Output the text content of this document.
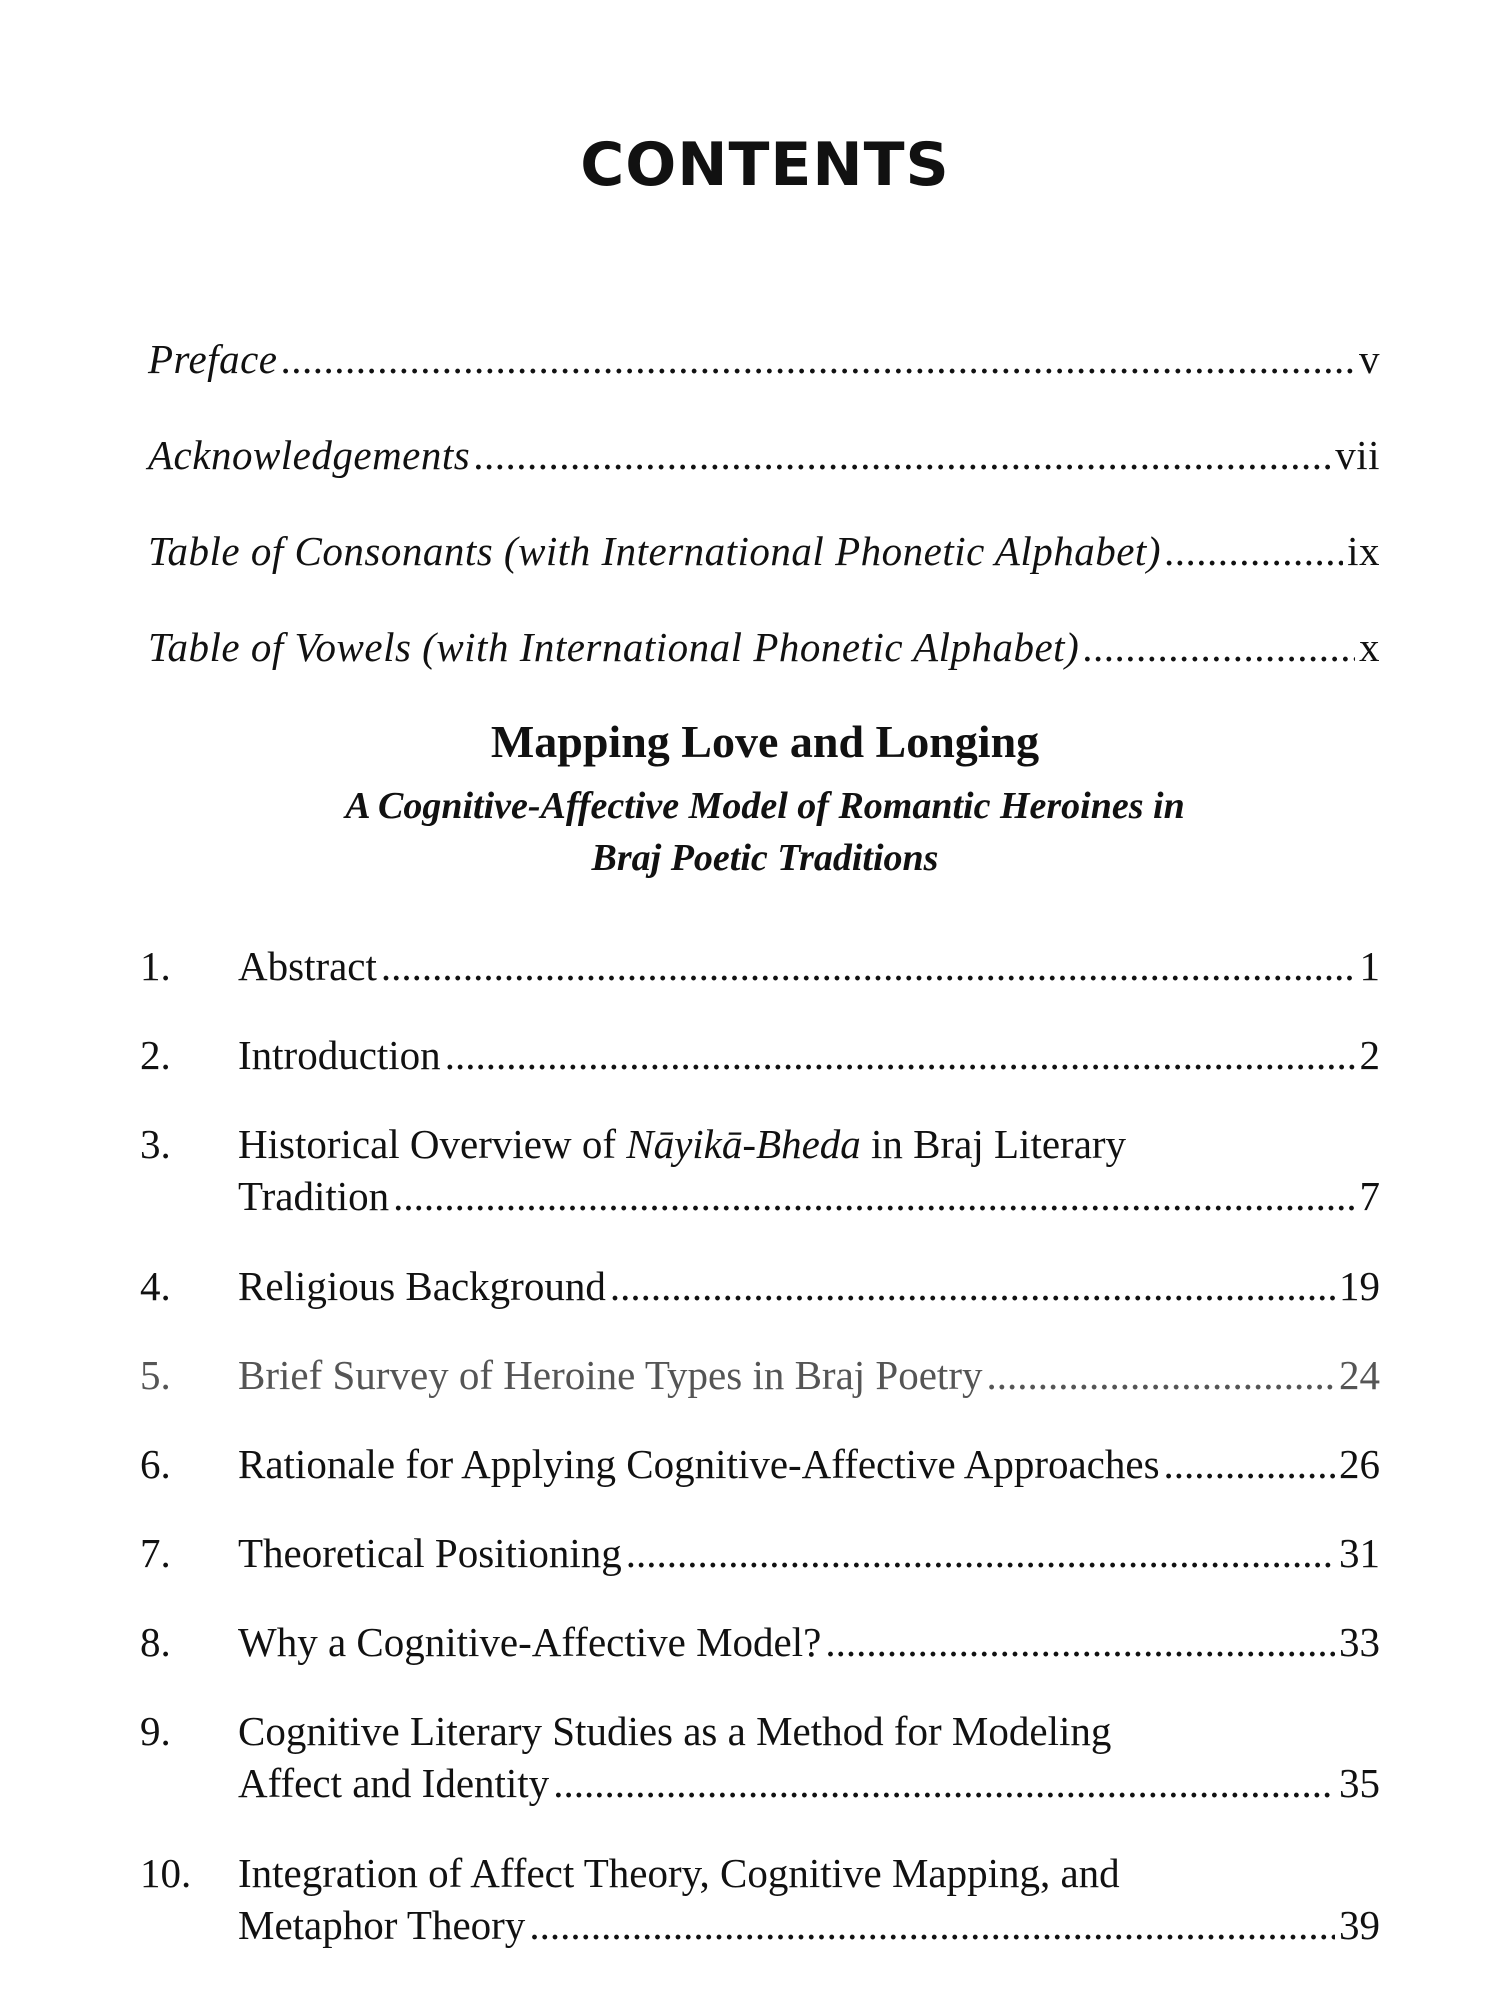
CONTENTS
Preface .....	v
Acknowledgements .....	vii
Table of Consonants (with International Phonetic Alphabet) .....	ix
Table of Vowels (with International Phonetic Alphabet) .....	x
Mapping Love and Longing
A Cognitive-Affective Model of Romantic Heroines in
Braj Poetic Traditions
1. Abstract .....	1
2. Introduction .....	2
3. Historical Overview of Nāyikā-Bheda in Braj Literary
Tradition .....	7
4. Religious Background .....	19
5. Brief Survey of Heroine Types in Braj Poetry .....	24
6. Rationale for Applying Cognitive-Affective Approaches .....	26
7. Theoretical Positioning .....	31
8. Why a Cognitive-Affective Model? .....	33
9. Cognitive Literary Studies as a Method for Modeling
Affect and Identity .....	35
10. Integration of Affect Theory, Cognitive Mapping, and
Metaphor Theory .....	39
